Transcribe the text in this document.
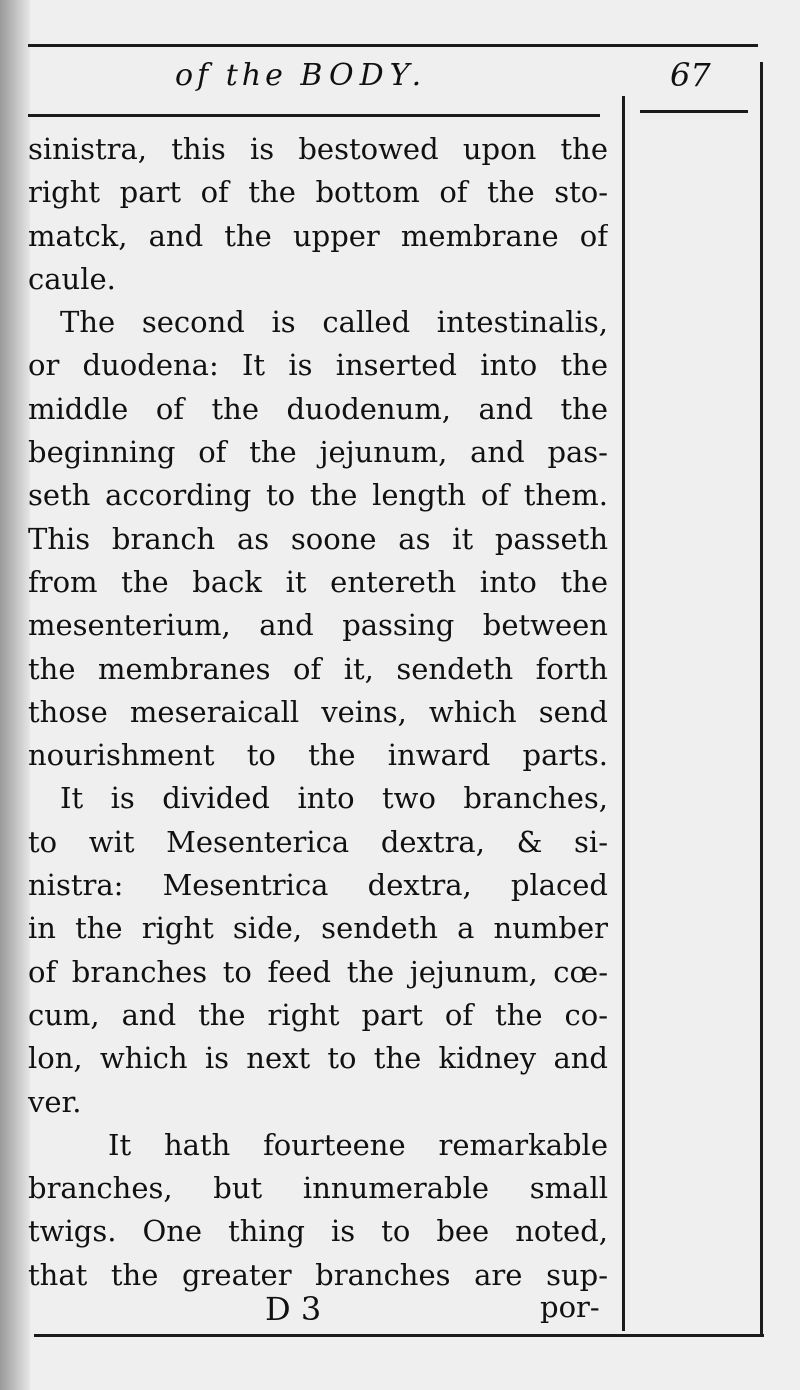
of the BODY.	67
sinistra, this is bestowed upon the
right part of the bottom of the sto-
matck, and the upper membrane of
caule.
The second is called intestinalis,
or duodena: It is inserted into the
middle of the duodenum, and the
beginning of the jejunum, and pas-
seth according to the length of them.
This branch as soone as it passeth
from the back it entereth into the
mesenterium, and passing between
the membranes of it, sendeth forth
those meseraicall veins, which send
nourishment to the inward parts.
It is divided into two branches,
to wit Mesenterica dextra, & si-
nistra: Mesentrica dextra, placed
in the right side, sendeth a number
of branches to feed the jejunum, cœ-
cum, and the right part of the co-
lon, which is next to the kidney and
ver.
It hath fourteene remarkable
branches, but innumerable small
twigs. One thing is to bee noted,
that the greater branches are sup-
D 3	por-
